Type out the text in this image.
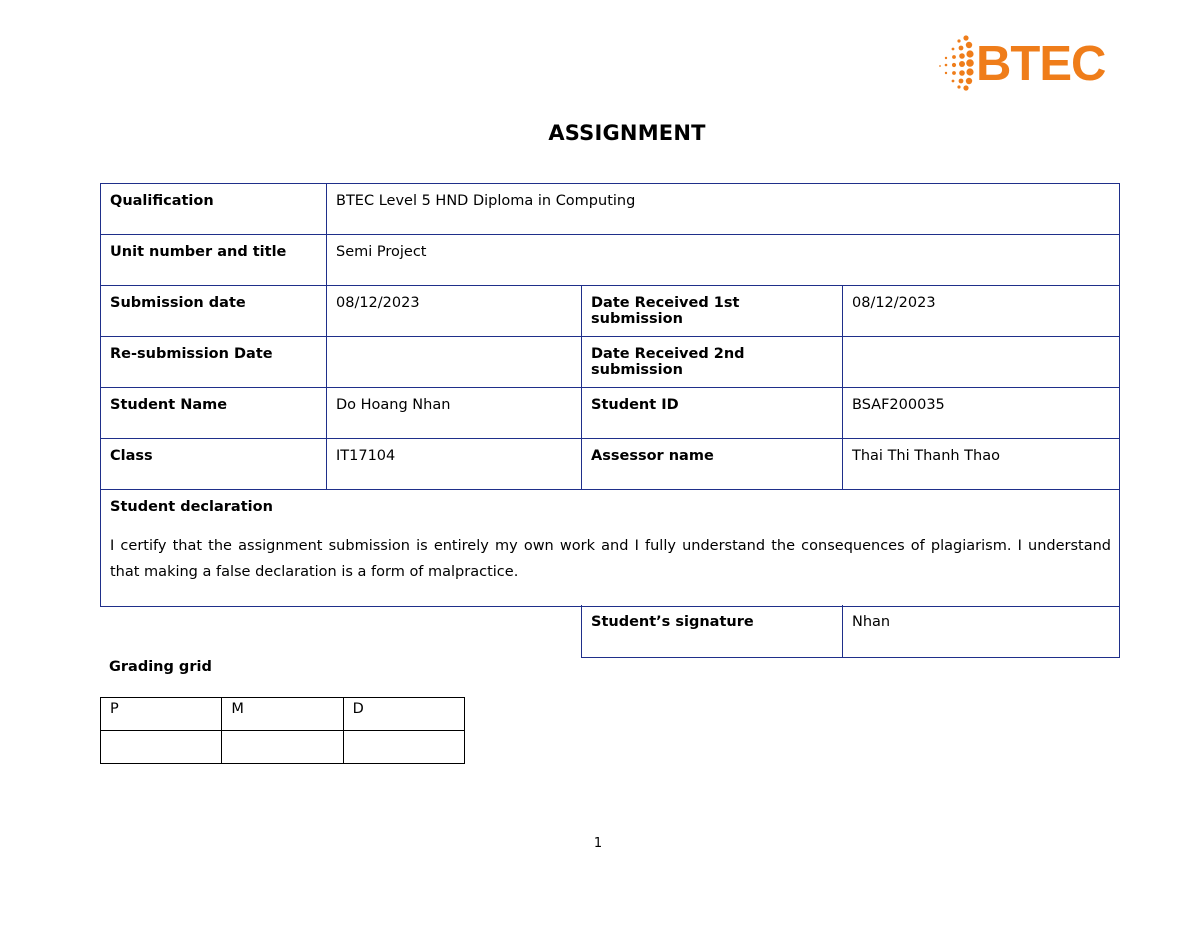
BTEC
ASSIGNMENT
Qualification	BTEC Level 5 HND Diploma in Computing		
Unit number and title	Semi Project		
Submission date	08/12/2023	Date Received 1st submission	08/12/2023
Re-submission Date		Date Received 2nd submission	
Student Name	Do Hoang Nhan	Student ID	BSAF200035
Class	IT17104	Assessor name	Thai Thi Thanh Thao

Student declaration
I certify that the assignment submission is entirely my own work and I fully understand the consequences of plagiarism. I understand that making a false declaration is a form of malpractice.			
Student’s signature	Nhan
Grading grid
P	M	D

1
